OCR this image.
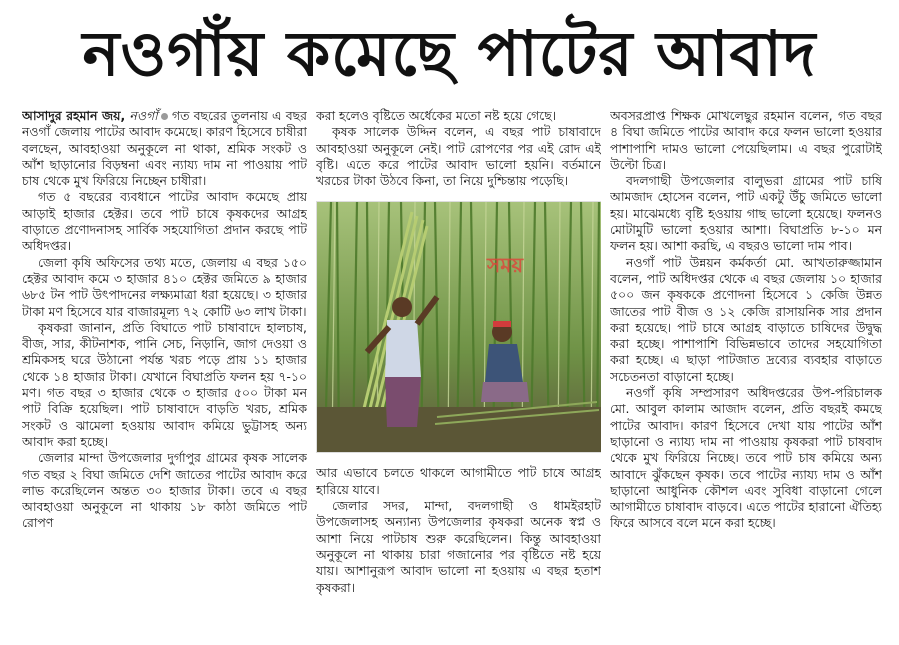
নওগাঁয় কমেছে পাটের আবাদ

আসাদুর রহমান জয়, নওগাঁ গত বছরের তুলনায় এ বছর নওগাঁ জেলায় পাটের আবাদ কমেছে। কারণ হিসেবে চাষীরা বলছেন, আবহাওয়া অনুকূলে না থাকা, শ্রমিক সংকট ও আঁশ ছাড়ানোর বিড়ম্বনা এবং ন্যায্য দাম না পাওয়ায় পাট চাষ থেকে মুখ ফিরিয়ে নিচ্ছেন চাষীরা।

গত ৫ বছরের ব্যবধানে পাটের আবাদ কমেছে প্রায় আড়াই হাজার হেক্টর। তবে পাট চাষে কৃষকদের আগ্রহ বাড়াতে প্রণোদনাসহ সার্বিক সহযোগিতা প্রদান করছে পাট অধিদপ্তর।

জেলা কৃষি অফিসের তথ্য মতে, জেলায় এ বছর ১৫০ হেক্টর আবাদ কমে ৩ হাজার ৪১০ হেক্টর জমিতে ৯ হাজার ৬৮৫ টন পাট উৎপাদনের লক্ষ্যমাত্রা ধরা হয়েছে। ৩ হাজার টাকা মণ হিসেবে যার বাজারমূল্য ৭২ কোটি ৬৩ লাখ টাকা।

কৃষকরা জানান, প্রতি বিঘাতে পাট চাষাবাদে হালচাষ, বীজ, সার, কীটনাশক, পানি সেচ, নিড়ানি, জাগ দেওয়া ও শ্রমিকসহ ঘরে উঠানো পর্যন্ত খরচ পড়ে প্রায় ১১ হাজার থেকে ১৪ হাজার টাকা। যেখানে বিঘাপ্রতি ফলন হয় ৭-১০ মণ। গত বছর ৩ হাজার থেকে ৩ হাজার ৫০০ টাকা মন পাট বিক্রি হয়েছিল। পাট চাষাবাদে বাড়তি খরচ, শ্রমিক সংকট ও ঝামেলা হওয়ায় আবাদ কমিয়ে ভুট্টাসহ অন্য আবাদ করা হচ্ছে।

জেলার মান্দা উপজেলার দুর্গাপুর গ্রামের কৃষক সালেক গত বছর ২ বিঘা জমিতে দেশি জাতের পাটের আবাদ করে লাভ করেছিলেন অন্তত ৩০ হাজার টাকা। তবে এ বছর আবহাওয়া অনুকূলে না থাকায় ১৮ কাঠা জমিতে পাট রোপণ

করা হলেও বৃষ্টিতে অর্ধেকের মতো নষ্ট হয়ে গেছে।

কৃষক সালেক উদ্দিন বলেন, এ বছর পাট চাষাবাদে আবহাওয়া অনুকূলে নেই। পাট রোপণের পর এই রোদ এই বৃষ্টি। এতে করে পাটের আবাদ ভালো হয়নি। বর্তমানে খরচের টাকা উঠবে কিনা, তা নিয়ে দুশ্চিন্তায় পড়েছি।

সময়

আর এভাবে চলতে থাকলে আগামীতে পাট চাষে আগ্রহ হারিয়ে যাবে।

জেলার সদর, মান্দা, বদলগাছী ও ধামইরহাট উপজেলাসহ অন্যান্য উপজেলার কৃষকরা অনেক স্বপ্ন ও আশা নিয়ে পাটচাষ শুরু করেছিলেন। কিন্তু আবহাওয়া অনুকূলে না থাকায় চারা গজানোর পর বৃষ্টিতে নষ্ট হয়ে যায়। আশানুরূপ আবাদ ভালো না হওয়ায় এ বছর হতাশ কৃষকরা।

অবসরপ্রাপ্ত শিক্ষক মোখলেছুর রহমান বলেন, গত বছর ৪ বিঘা জমিতে পাটের আবাদ করে ফলন ভালো হওয়ার পাশাপাশি দামও ভালো পেয়েছিলাম। এ বছর পুরোটাই উল্টো চিত্র।

বদলগাছী উপজেলার বালুভরা গ্রামের পাট চাষি আমজাদ হোসেন বলেন, পাট একটু উঁচু জমিতে ভালো হয়। মাঝেমধ্যে বৃষ্টি হওয়ায় গাছ ভালো হয়েছে। ফলনও মোটামুটি ভালো হওয়ার আশা। বিঘাপ্রতি ৮-১০ মন ফলন হয়। আশা করছি, এ বছরও ভালো দাম পাব।

নওগাঁ পাট উন্নয়ন কর্মকর্তা মো. আখতারুজ্জামান বলেন, পাট অধিদপ্তর থেকে এ বছর জেলায় ১০ হাজার ৫০০ জন কৃষককে প্রণোদনা হিসেবে ১ কেজি উন্নত জাতের পাট বীজ ও ১২ কেজি রাসায়নিক সার প্রদান করা হয়েছে। পাট চাষে আগ্রহ বাড়াতে চাষিদের উদ্বুদ্ধ করা হচ্ছে। পাশাপাশি বিভিন্নভাবে তাদের সহযোগিতা করা হচ্ছে। এ ছাড়া পাটজাত দ্রব্যের ব্যবহার বাড়াতে সচেতনতা বাড়ানো হচ্ছে।

নওগাঁ কৃষি সম্প্রসারণ অধিদপ্তরের উপ-পরিচালক মো. আবুল কালাম আজাদ বলেন, প্রতি বছরই কমছে পাটের আবাদ। কারণ হিসেবে দেখা যায় পাটের আঁশ ছাড়ানো ও ন্যায্য দাম না পাওয়ায় কৃষকরা পাট চাষবাদ থেকে মুখ ফিরিয়ে নিচ্ছে। তবে পাট চাষ কমিয়ে অন্য আবাদে ঝুঁকছেন কৃষক। তবে পাটের ন্যায্য দাম ও আঁশ ছাড়ানো আধুনিক কৌশল এবং সুবিধা বাড়ানো গেলে আগামীতে চাষাবাদ বাড়বে। এতে পাটের হারানো ঐতিহ্য ফিরে আসবে বলে মনে করা হচ্ছে।
